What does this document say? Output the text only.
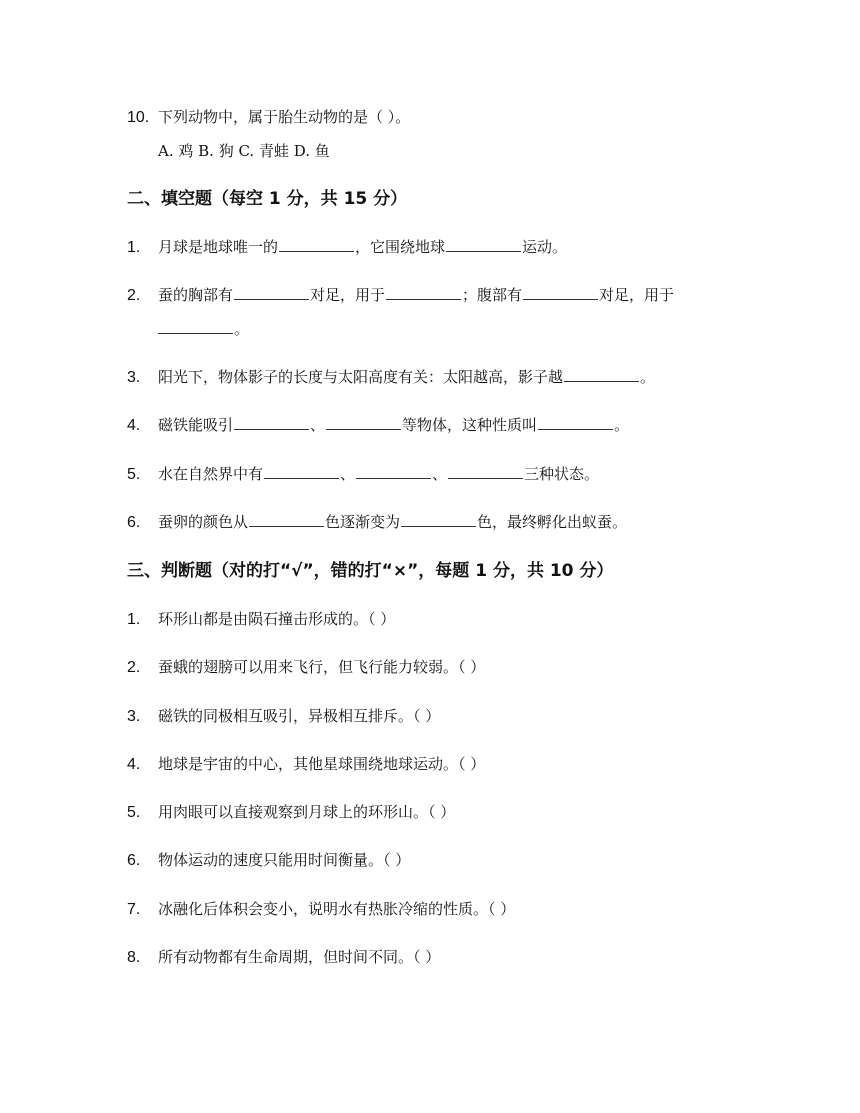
10. 下列动物中，属于胎生动物的是（ ）。
A. 鸡 B. 狗 C. 青蛙 D. 鱼
二、填空题（每空 1 分，共 15 分）
1. 月球是地球唯一的	，它围绕地球	运动。
2. 蚕的胸部有	对足，用于	；腹部有	对足，用于
。
3. 阳光下，物体影子的长度与太阳高度有关：太阳越高，影子越	。
4. 磁铁能吸引	、	等物体，这种性质叫	。
5. 水在自然界中有	、	、	三种状态。
6. 蚕卵的颜色从	色逐渐变为	色，最终孵化出蚁蚕。
三、判断题（对的打“√”，错的打“×”，每题 1 分，共 10 分）
1. 环形山都是由陨石撞击形成的。（ ）
2. 蚕蛾的翅膀可以用来飞行，但飞行能力较弱。（ ）
3. 磁铁的同极相互吸引，异极相互排斥。（ ）
4. 地球是宇宙的中心，其他星球围绕地球运动。（ ）
5. 用肉眼可以直接观察到月球上的环形山。（ ）
6. 物体运动的速度只能用时间衡量。（ ）
7. 冰融化后体积会变小，说明水有热胀冷缩的性质。（ ）
8. 所有动物都有生命周期，但时间不同。（ ）
